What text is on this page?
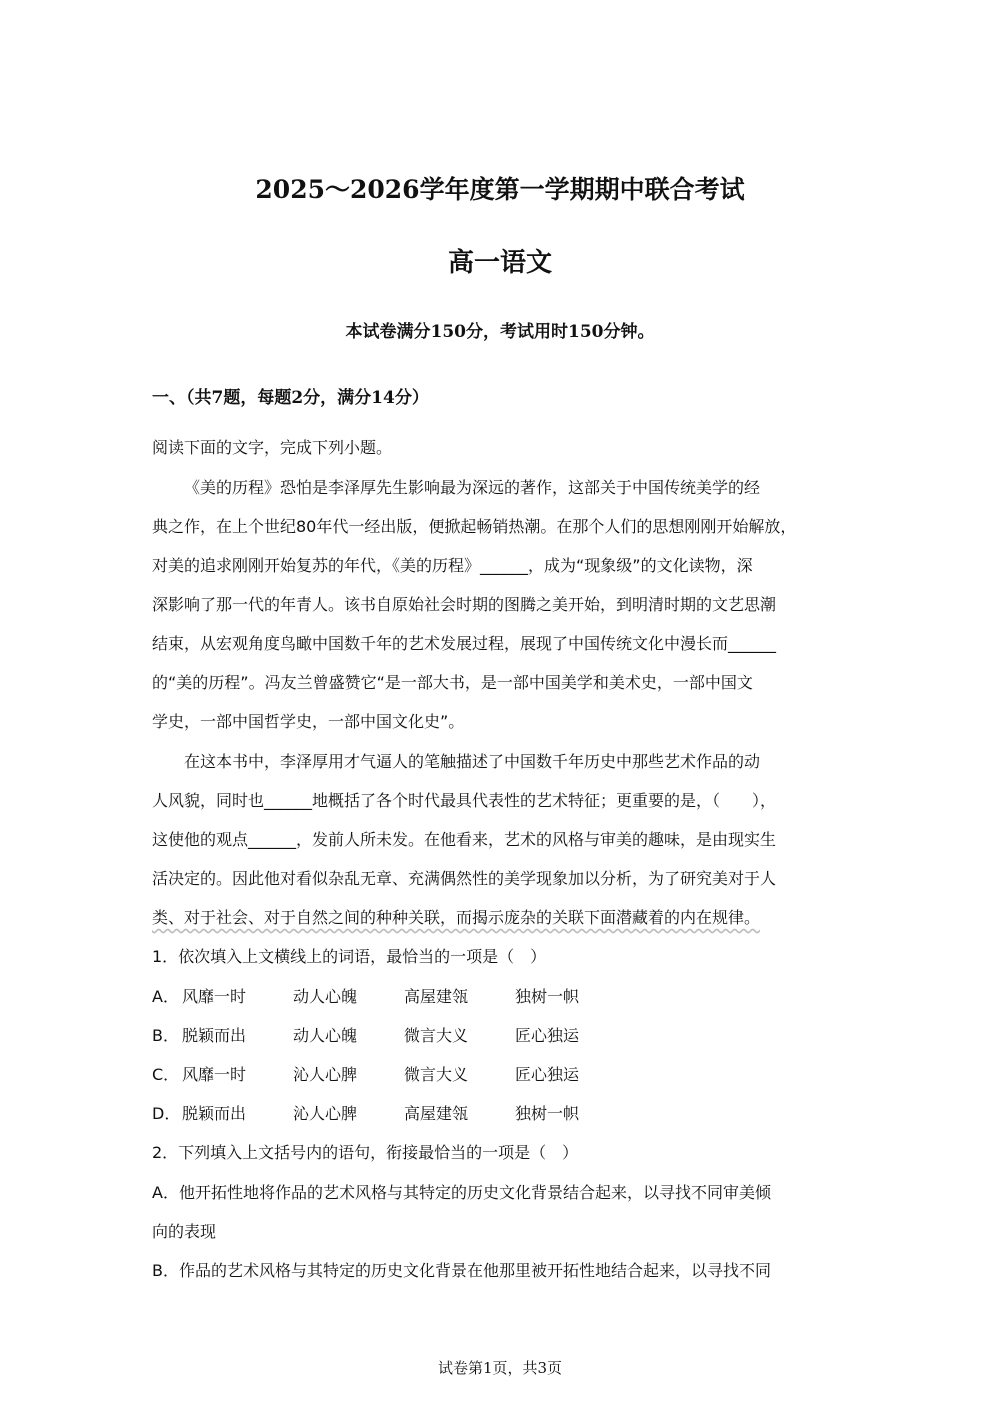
2025～2026学年度第一学期期中联合考试
高一语文
本试卷满分150分，考试用时150分钟。
一、（共7题，每题2分，满分14分）
阅读下面的文字，完成下列小题。
《美的历程》恐怕是李泽厚先生影响最为深远的著作，这部关于中国传统美学的经
典之作，在上个世纪80年代一经出版，便掀起畅销热潮。在那个人们的思想刚刚开始解放，
对美的追求刚刚开始复苏的年代，《美的历程》______，成为“现象级”的文化读物，深
深影响了那一代的年青人。该书自原始社会时期的图腾之美开始，到明清时期的文艺思潮
结束，从宏观角度鸟瞰中国数千年的艺术发展过程，展现了中国传统文化中漫长而______
的“美的历程”。冯友兰曾盛赞它“是一部大书，是一部中国美学和美术史，一部中国文
学史，一部中国哲学史，一部中国文化史”。
在这本书中，李泽厚用才气逼人的笔触描述了中国数千年历史中那些艺术作品的动
人风貌，同时也______地概括了各个时代最具代表性的艺术特征；更重要的是，（　　），
这使他的观点______，发前人所未发。在他看来，艺术的风格与审美的趣味，是由现实生
活决定的。因此他对看似杂乱无章、充满偶然性的美学现象加以分析，为了研究美对于人
类、对于社会、对于自然之间的种种关联，而揭示庞杂的关联下面潜藏着的内在规律。
1．依次填入上文横线上的词语，最恰当的一项是（　）
A． 风靡一时	动人心魄	高屋建瓴	独树一帜
B． 脱颖而出	动人心魄	微言大义	匠心独运
C． 风靡一时	沁人心脾	微言大义	匠心独运
D． 脱颖而出	沁人心脾	高屋建瓴	独树一帜
2．下列填入上文括号内的语句，衔接最恰当的一项是（　）
A．他开拓性地将作品的艺术风格与其特定的历史文化背景结合起来，以寻找不同审美倾
向的表现
B．作品的艺术风格与其特定的历史文化背景在他那里被开拓性地结合起来，以寻找不同
试卷第1页，共3页
